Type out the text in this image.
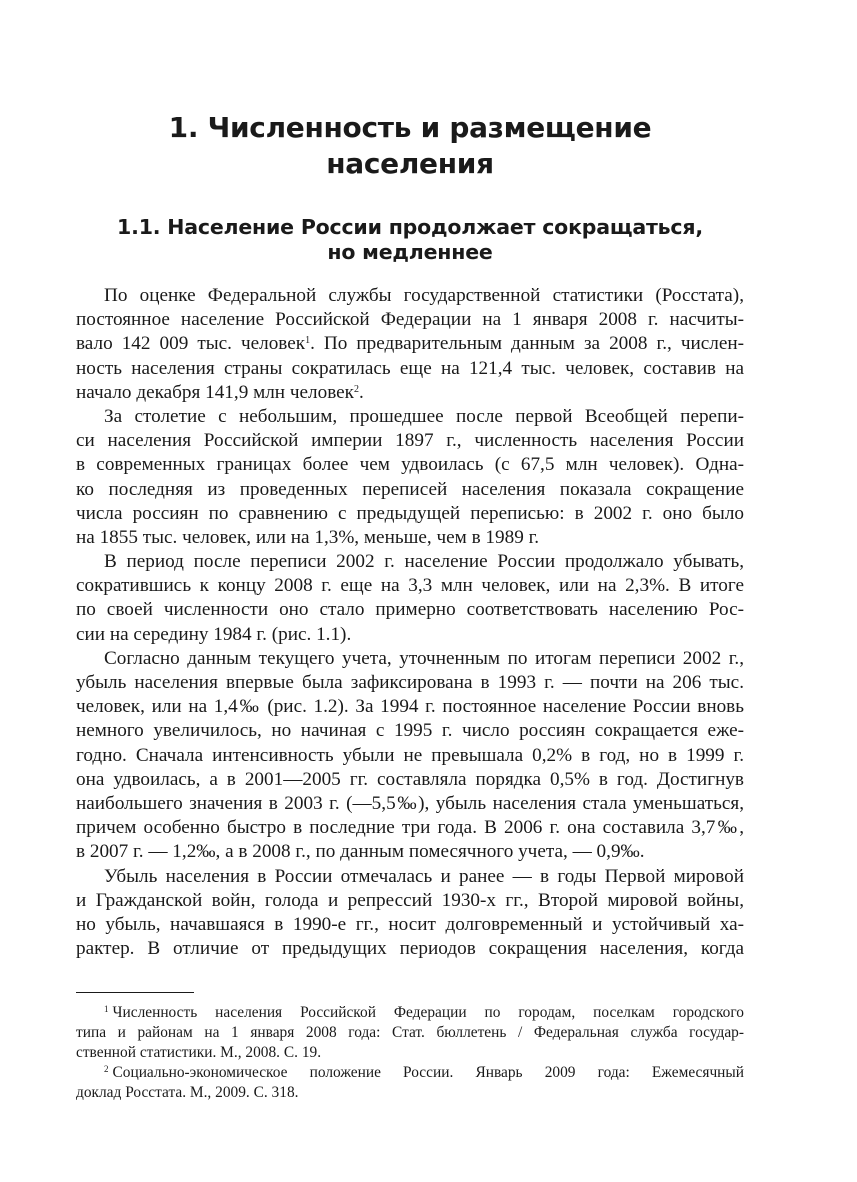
1. Численность и размещение
населения
1.1. Население России продолжает сокращаться,
но медленнее
По оценке Федеральной службы государственной статистики (Росстата),
постоянное население Российской Федерации на 1 января 2008 г. насчиты-
вало 142 009 тыс. человек$^1$. По предварительным данным за 2008 г., числен-
ность населения страны сократилась еще на 121,4 тыс. человек, составив на
начало декабря 141,9 млн человек$^2$.
За столетие с небольшим, прошедшее после первой Всеобщей перепи-
си населения Российской империи 1897 г., численность населения России
в современных границах более чем удвоилась (с 67,5 млн человек). Однa-
ко последняя из проведенных переписей населения показала сокращение
числа россиян по сравнению с предыдущей переписью: в 2002 г. оно было
на 1855 тыс. человек, или на 1,3%, меньше, чем в 1989 г.
В период после переписи 2002 г. население России продолжало убывать,
сократившись к концу 2008 г. еще на 3,3 млн человек, или на 2,3%. В итоге
по своей численности оно стало примерно соответствовать населению Рос-
сии на середину 1984 г. (рис. 1.1).
Согласно данным текущего учета, уточненным по итогам переписи 2002 г.,
убыль населения впервые была зафиксирована в 1993 г. — почти на 206 тыс.
человек, или на 1,4‰ (рис. 1.2). За 1994 г. постоянное население России вновь
немного увеличилось, но начиная с 1995 г. число россиян сокращается еже-
годно. Сначала интенсивность убыли не превышала 0,2% в год, но в 1999 г.
она удвоилась, а в 2001—2005 гг. составляла порядка 0,5% в год. Достигнув
наибольшего значения в 2003 г. (—5,5‰), убыль населения стала уменьшаться,
причем особенно быстро в последние три года. В 2006 г. она составила 3,7‰,
в 2007 г. — 1,2‰, а в 2008 г., по данным помесячного учета, — 0,9‰.
Убыль населения в России отмечалась и ранее — в годы Первой мировой
и Гражданской войн, голода и репрессий 1930-х гг., Второй мировой войны,
но убыль, начавшаяся в 1990-е гг., носит долговременный и устойчивый ха-
рактер. В отличие от предыдущих периодов сокращения населения, когда
$^1$ Численность населения Российской Федерации по городам, поселкам городского
типа и районам на 1 января 2008 года: Стат. бюллетень / Федеральная служба государ-
ственной статистики. М., 2008. С. 19.
$^2$ Социально-экономическое положение России. Январь 2009 года: Ежемесячный
доклад Росстата. М., 2009. С. 318.
